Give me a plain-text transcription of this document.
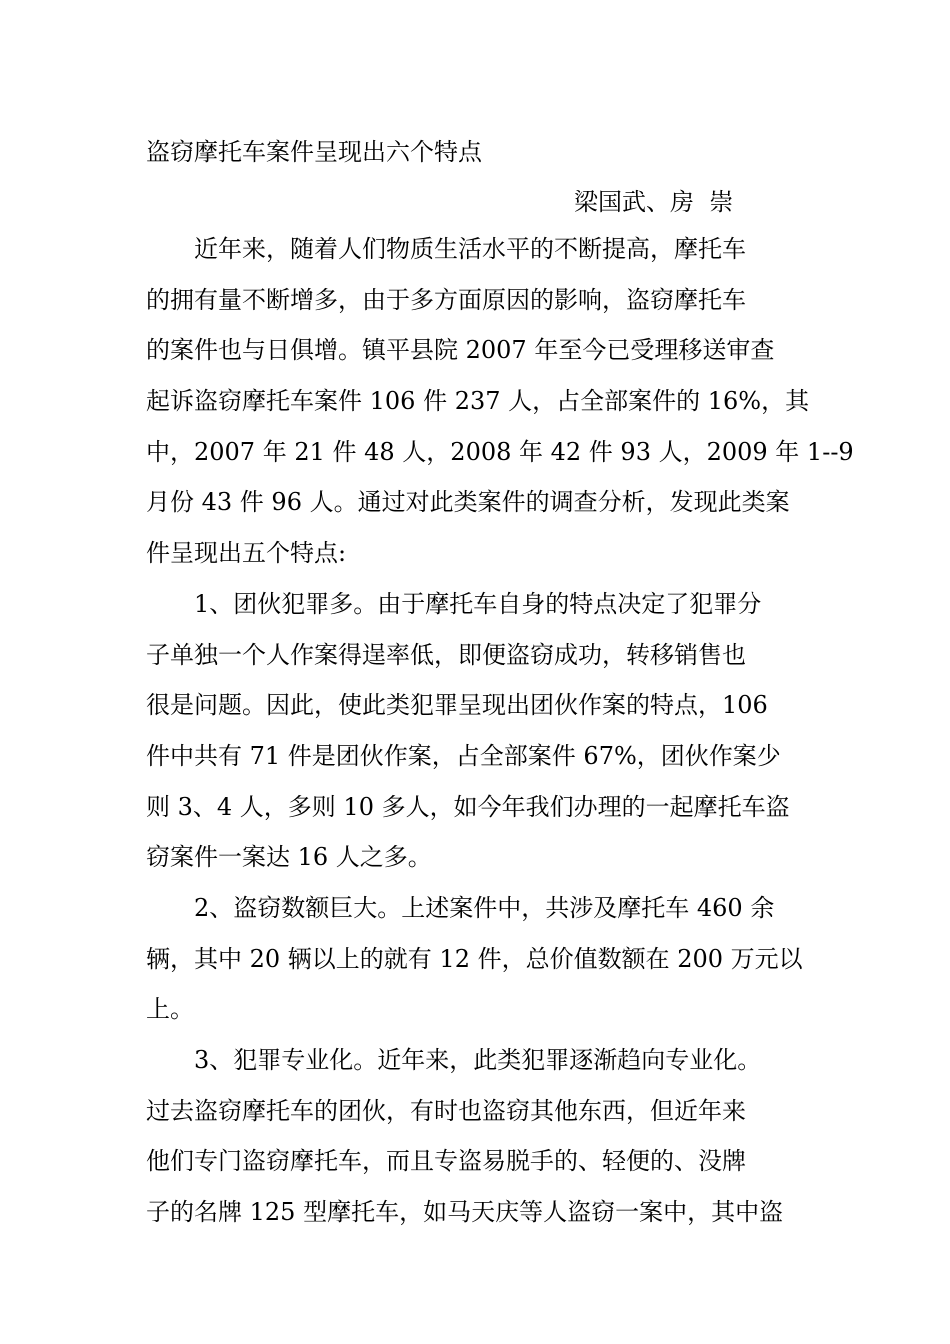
盗窃摩托车案件呈现出六个特点
梁国武、房  崇
　　近年来，随着人们物质生活水平的不断提高，摩托车
的拥有量不断增多，由于多方面原因的影响，盗窃摩托车
的案件也与日俱增。镇平县院 2007 年至今已受理移送审查
起诉盗窃摩托车案件 106 件 237 人，占全部案件的 16%，其
中，2007 年 21 件 48 人，2008 年 42 件 93 人，2009 年 1--9
月份 43 件 96 人。通过对此类案件的调查分析，发现此类案
件呈现出五个特点:
　　1、团伙犯罪多。由于摩托车自身的特点决定了犯罪分
子单独一个人作案得逞率低，即便盗窃成功，转移销售也
很是问题。因此，使此类犯罪呈现出团伙作案的特点，106
件中共有 71 件是团伙作案，占全部案件 67%，团伙作案少
则 3、4 人，多则 10 多人，如今年我们办理的一起摩托车盗
窃案件一案达 16 人之多。
　　2、盗窃数额巨大。上述案件中，共涉及摩托车 460 余
辆，其中 20 辆以上的就有 12 件，总价值数额在 200 万元以
上。
　　3、犯罪专业化。近年来，此类犯罪逐渐趋向专业化。
过去盗窃摩托车的团伙，有时也盗窃其他东西，但近年来
他们专门盗窃摩托车，而且专盗易脱手的、轻便的、没牌
子的名牌 125 型摩托车，如马天庆等人盗窃一案中，其中盗
